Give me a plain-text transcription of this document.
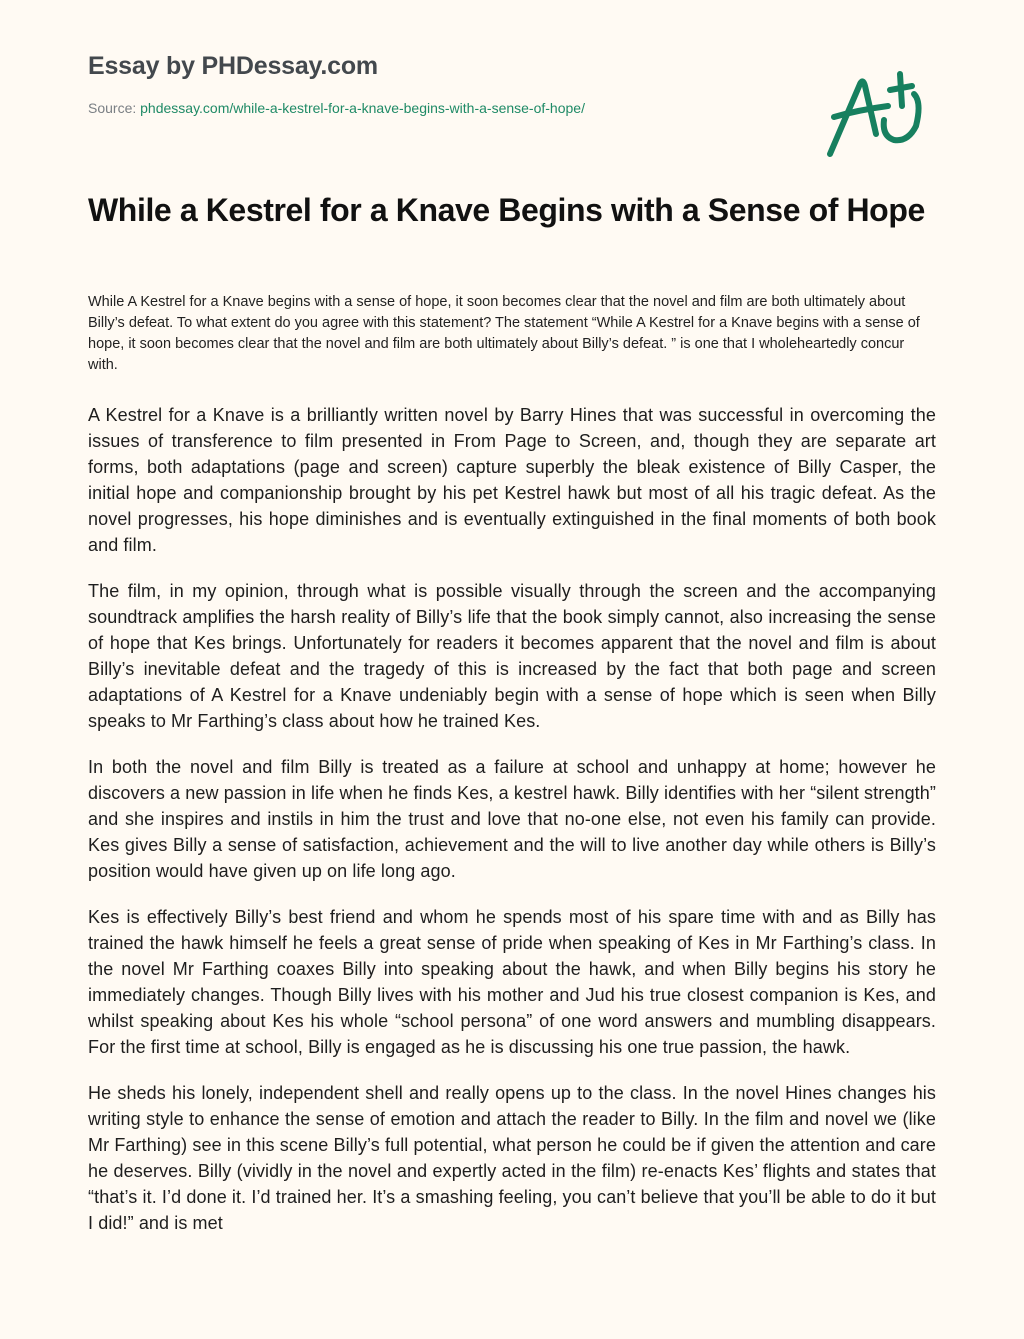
Essay by PHDessay.com
Source: phdessay.com/while-a-kestrel-for-a-knave-begins-with-a-sense-of-hope/
While a Kestrel for a Knave Begins with a Sense of Hope

While A Kestrel for a Knave begins with a sense of hope, it soon becomes clear that the novel and film are both ultimately about Billy’s defeat. To what extent do you agree with this statement? The statement “While A Kestrel for a Knave begins with a sense of hope, it soon becomes clear that the novel and film are both ultimately about Billy’s defeat. ” is one that I wholeheartedly concur with.

A Kestrel for a Knave is a brilliantly written novel by Barry Hines that was successful in overcoming the issues of transference to film presented in From Page to Screen, and, though they are separate art forms, both adaptations (page and screen) capture superbly the bleak existence of Billy Casper, the initial hope and companionship brought by his pet Kestrel hawk but most of all his tragic defeat. As the novel progresses, his hope diminishes and is eventually extinguished in the final moments of both book and film.

The film, in my opinion, through what is possible visually through the screen and the accompanying soundtrack amplifies the harsh reality of Billy’s life that the book simply cannot, also increasing the sense of hope that Kes brings. Unfortunately for readers it becomes apparent that the novel and film is about Billy’s inevitable defeat and the tragedy of this is increased by the fact that both page and screen adaptations of A Kestrel for a Knave undeniably begin with a sense of hope which is seen when Billy speaks to Mr Farthing’s class about how he trained Kes.

In both the novel and film Billy is treated as a failure at school and unhappy at home; however he discovers a new passion in life when he finds Kes, a kestrel hawk. Billy identifies with her “silent strength” and she inspires and instils in him the trust and love that no-one else, not even his family can provide. Kes gives Billy a sense of satisfaction, achievement and the will to live another day while others is Billy’s position would have given up on life long ago.

Kes is effectively Billy’s best friend and whom he spends most of his spare time with and as Billy has trained the hawk himself he feels a great sense of pride when speaking of Kes in Mr Farthing’s class. In the novel Mr Farthing coaxes Billy into speaking about the hawk, and when Billy begins his story he immediately changes. Though Billy lives with his mother and Jud his true closest companion is Kes, and whilst speaking about Kes his whole “school persona” of one word answers and mumbling disappears. For the first time at school, Billy is engaged as he is discussing his one true passion, the hawk.

He sheds his lonely, independent shell and really opens up to the class. In the novel Hines changes his writing style to enhance the sense of emotion and attach the reader to Billy. In the film and novel we (like Mr Farthing) see in this scene Billy’s full potential, what person he could be if given the attention and care he deserves. Billy (vividly in the novel and expertly acted in the film) re-enacts Kes’ flights and states that “that’s it. I’d done it. I’d trained her. It’s a smashing feeling, you can’t believe that you’ll be able to do it but I did!” and is met
